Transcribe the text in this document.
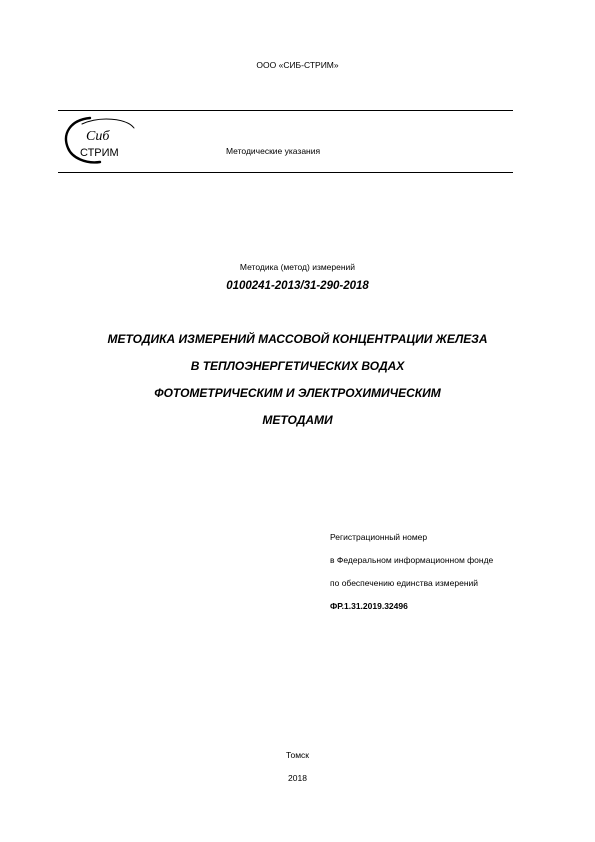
ООО «СИБ-СТРИМ»
Сиб
СТРИМ	Методические указания
Методика (метод) измерений
0100241-2013/31-290-2018
МЕТОДИКА ИЗМЕРЕНИЙ МАССОВОЙ КОНЦЕНТРАЦИИ ЖЕЛЕЗА
В ТЕПЛОЭНЕРГЕТИЧЕСКИХ ВОДАХ
ФОТОМЕТРИЧЕСКИМ И ЭЛЕКТРОХИМИЧЕСКИМ
МЕТОДАМИ
Регистрационный номер
в Федеральном информационном фонде
по обеспечению единства измерений
ФР.1.31.2019.32496
Томск
2018
